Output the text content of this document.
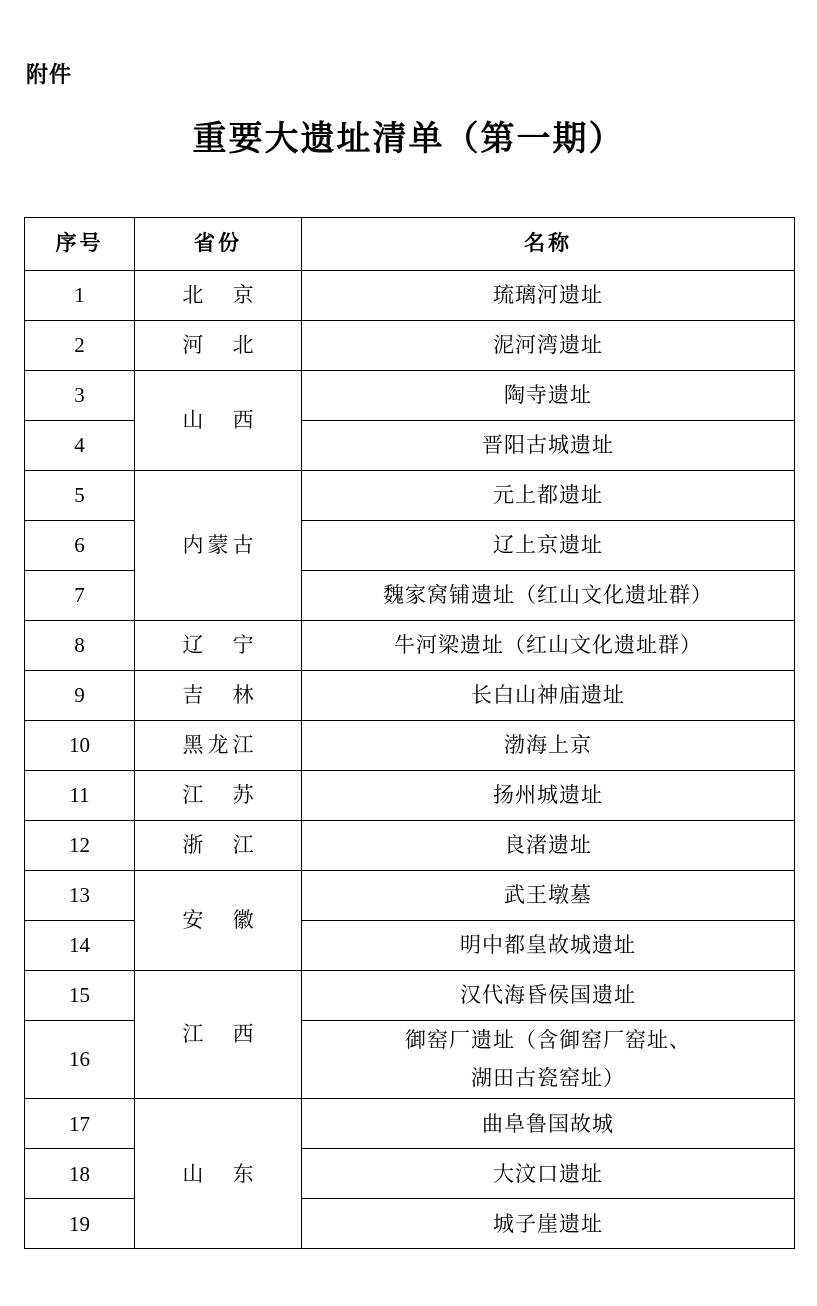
附件
重要大遗址清单（第一期）
序号	省份	名称
1	北 京	琉璃河遗址
2	河 北	泥河湾遗址
3	山 西	陶寺遗址
4		晋阳古城遗址
5	内蒙古	元上都遗址
6		辽上京遗址
7		魏家窝铺遗址（红山文化遗址群）
8	辽 宁	牛河梁遗址（红山文化遗址群）
9	吉 林	长白山神庙遗址
10	黑龙江	渤海上京
11	江 苏	扬州城遗址
12	浙 江	良渚遗址
13	安 徽	武王墩墓
14		明中都皇故城遗址
15	江 西	汉代海昏侯国遗址
16		御窑厂遗址（含御窑厂窑址、
湖田古瓷窑址）

17	山 东	曲阜鲁国故城
18		大汶口遗址
19		城子崖遗址
